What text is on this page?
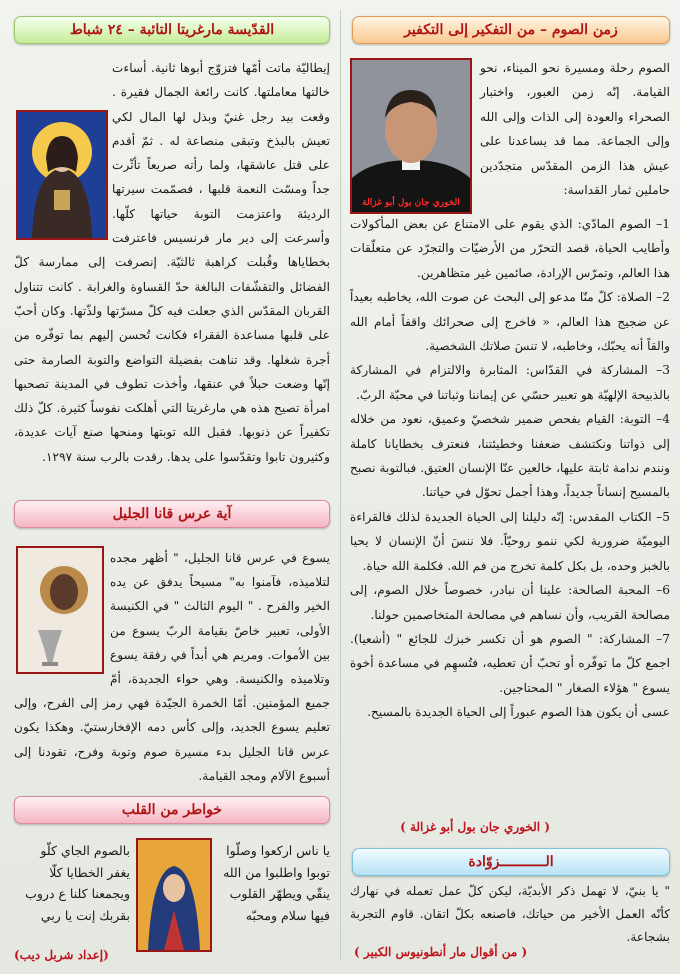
زمن الصوم – من التفكير إلى التكفير
الخوري جان بول أبو غزالة
الصوم رحلة ومسيرة نحو الميناء، نحو القيامة. إنّه زمن العبور، واختبار الصحراء والعودة إلى الذات وإلى الله وإلى الجماعة. مما قد يساعدنا على عيش هذا الزمن المقدّس متجدّدين حاملين ثمار القداسة:

1– الصوم المادّي: الذي يقوم على الامتناع عن بعض المأكولات وأطايب الحياة، قصد التحرّر من الأرضيّات والتجرّد عن متعلّقات هذا العالم، وتمرّس الإرادة، صائمين غير متظاهرين.

2– الصلاة: كلّ منّا مدعو إلى البحث عن صوت الله، يخاطبه بعيداً عن ضجيج هذا العالم، « فاخرج إلى صحرائك واقفاً أمام الله والقاً أنه يحبّك، وخاطبه، لا تنسَ صلاتك الشخصية.

3– المشاركة في القدّاس: المثابرة والالتزام في المشاركة بالذبيحة الإلهيّة هو تعبير حسّي عن إيماننا وثباتنا في محبّة الربّ.

4– التوبة: القيام بفحص ضمير شخصيّ وعميق، نعود من خلاله إلى ذواتنا ونكتشف ضعفنا وخطيئتنا، فنعترف بخطايانا كاملة ونندم ندامة ثابتة عليها، خالعين عنّا الإنسان العتيق. فبالتوبة نصبح بالمسيح إنساناً جديداً، وهذا أجمل تحوّل في حياتنا.

5– الكتاب المقدس: إنّه دليلنا إلى الحياة الجديدة لذلك فالقراءة اليوميّة ضرورية لكي ننمو روحيّاً. فلا ننسَ أنّ الإنسان لا يحيا بالخبز وحده، بل بكل كلمة تخرج من فم الله. فكلمة الله حياة.

6– المحبة الصالحة: علينا أن نبادر، خصوصاً خلال الصوم، إلى مصالحة القريب، وأن نساهم في مصالحة المتخاصمين حولنا.

7– المشاركة: " الصوم هو أن تكسر خبزك للجائع " (أشعيا). اجمع كلّ ما توفّره أو تحبّ أن تعطيه، فتُسهِم في مساعدة أخوة يسوع " هؤلاء الصغار " المحتاجين.

عسى أن يكون هذا الصوم عبوراً إلى الحياة الجديدة بالمسيح.

( الخوري جان بول أبو غزالة )
الـــــــــــزوّادة
" يا بنيّ، لا تهمل ذكر الأبديّة، ليكن كلّ عمل تعمله في نهارك كأنّه العمل الأخير من حياتك، فاصنعه بكلّ اتقان. قاوم التجربة بشجاعة.
( من أقوال مار أنطونيوس الكبير )
القدّيسة مارغريتا التائبة – ٢٤ شباط

إيطاليّة ماتت أمّها فتزوّج أبوها ثانية. أساءت خالتها معاملتها. كانت رائعة الجمال فقيرة . وقعت بيد رجل غنيّ وبذل لها المال لكي تعيش بالبذخ وتبقى منصاعة له . ثمّ أقدم على قتل عاشقها، ولما رأته صريعاً تأثّرت جداً ومسّت النعمة قلبها ، فصمّمت سيرتها الرديئة واعتزمت التوبة حياتها كلّها. وأسرعت إلى دير مار فرنسيس فاعترفت بخطاياها وقُبلت كراهبة ثالثيّة. إنصرفت إلى ممارسة كلّ الفضائل والتقشّفات البالغة حدّ القساوة والغرابة . كانت تتناول القربان المقدّس الذي جعلت فيه كلّ مسرّتها ولذّتها. وكان أحبّ على قلبها مساعدة الفقراء فكانت تُحسن إليهم بما توفّره من أجرة شغلها. وقد تناهت بفضيلة التواضع والتوبة الصارمة حتى إنّها وضعت حبلاً في عنقها، وأخذت تطوف في المدينة تصحبها امرأة تصيح هذه هي مارغريتا التي أهلكت نفوساً كثيرة. كلّ ذلك تكفيراً عن ذنوبها. فقبل الله توبتها ومنحها صنع آيات عديدة، وكثيرون تابوا وتقدّسوا على يدها. رقدت بالرب سنة ١٢٩٧.

آية عرس قانا الجليل
يسوع في عرس قانا الجليل، " أظهر مجده لتلاميذه، فآمنوا به" مسيحاً يدفق عن يده الخير والفرح . " اليوم الثالث " في الكنيسة الأولى، تعبير خاصّ بقيامة الربّ يسوع من بين الأموات. ومريم هي أبداً في رفقة يسوع وتلاميذه والكنيسة. وهي حواء الجديدة، أمّ جميع المؤمنين. أمّا الخمرة الجيّدة فهي رمز إلى الفرح، وإلى تعليم يسوع الجديد، وإلى كأس دمه الإفخارستيّ. وهكذا يكون عرس قانا الجليل بدء مسيرة صوم وتوبة وفرح، تقودنا إلى أسبوع الآلام ومجد القيامة.
خواطر من القلب
يا ناس اركعوا وصلّوا
توبوا واطلبوا من الله
ينقّي ويطهّر القلوب
فيها سلام ومحبّه
بالصوم الجاي كلّو
يغفر الخطايا كلّا
ويجمعنا كلنا ع دروب
بقربك إنت يا ربي
(إعداد شربل ديب)
